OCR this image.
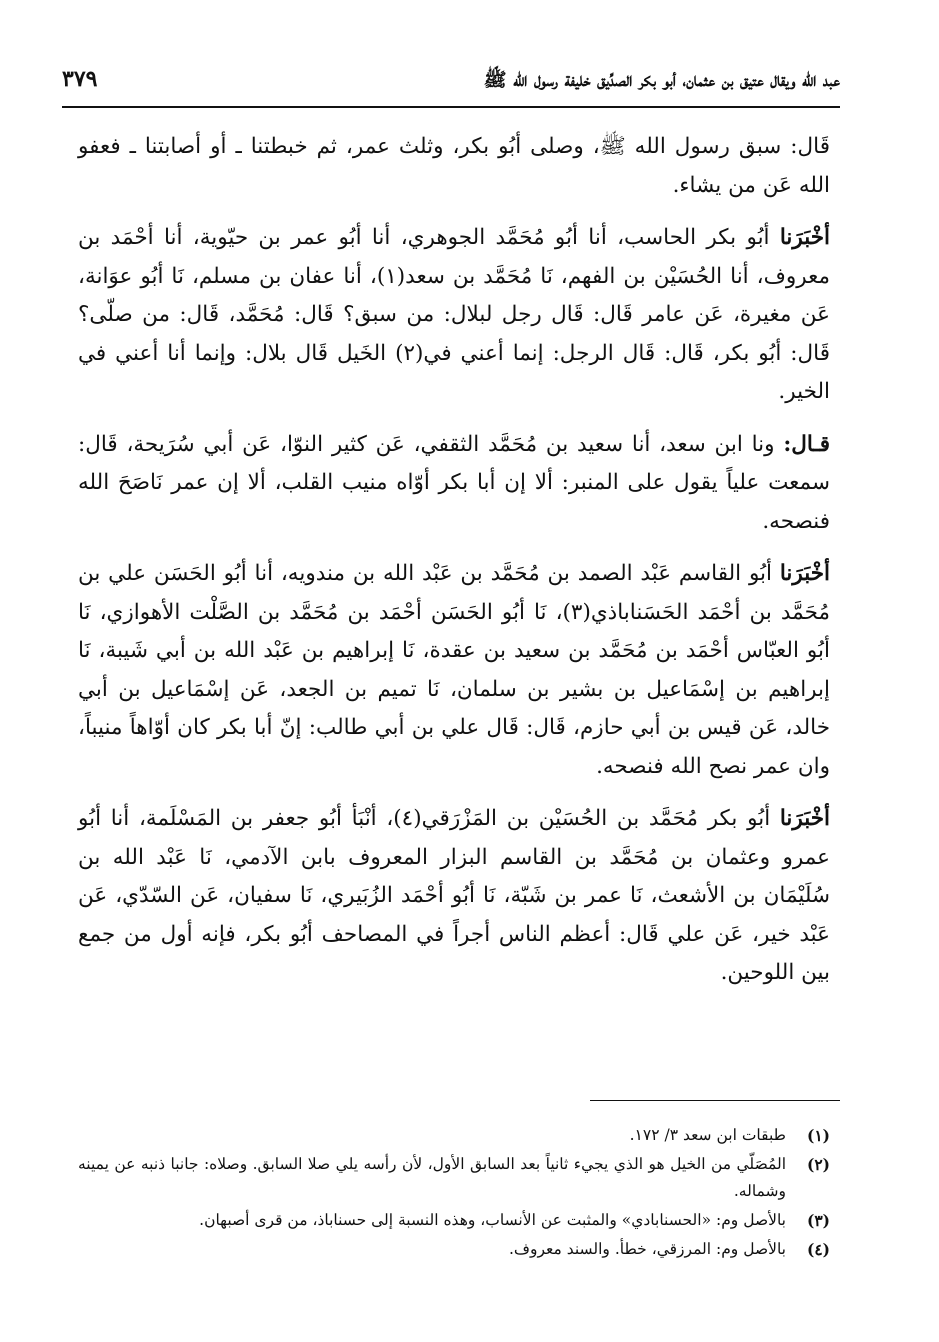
عبد الله ويقال عتيق بن عثمان، أبو بكر الصدِّيق خليفة رسول الله ﷺ
٣٧٩

قَال: سبق رسول الله ﷺ، وصلى أبُو بكر، وثلث عمر، ثم خبطتنا ـ أو أصابتنا ـ فعفو الله عَن من يشاء.

أخْبَرَنا أبُو بكر الحاسب، أنا أبُو مُحَمَّد الجوهري، أنا أبُو عمر بن حيّوية، أنا أحْمَد بن معروف، أنا الحُسَيْن بن الفهم، نَا مُحَمَّد بن سعد(١)، أنا عفان بن مسلم، نَا أبُو عوَانة، عَن مغيرة، عَن عامر قَال: قَال رجل لبلال: من سبق؟ قَال: مُحَمَّد، قَال: من صلّى؟ قَال: أبُو بكر، قَال: قَال الرجل: إنما أعني في(٢) الخَيل قَال بلال: وإنما أنا أعني في الخير.

قـال: ونا ابن سعد، أنا سعيد بن مُحَمَّد الثقفي، عَن كثير النوّا، عَن أبي سُرَيحة، قَال: سمعت علياً يقول على المنبر: ألا إن أبا بكر أوّاه منيب القلب، ألا إن عمر نَاصَحَ الله فنصحه.

أخْبَرَنا أبُو القاسم عَبْد الصمد بن مُحَمَّد بن عَبْد الله بن مندويه، أنا أبُو الحَسَن علي بن مُحَمَّد بن أحْمَد الحَسَناباذي(٣)، نَا أبُو الحَسَن أحْمَد بن مُحَمَّد بن الصَّلْت الأهوازي، نَا أبُو العبّاس أحْمَد بن مُحَمَّد بن سعيد بن عقدة، نَا إبراهيم بن عَبْد الله بن أبي شَيبة، نَا إبراهيم بن إسْمَاعيل بن بشير بن سلمان، نَا تميم بن الجعد، عَن إسْمَاعيل بن أبي خالد، عَن قيس بن أبي حازم، قَال: قَال علي بن أبي طالب: إنّ أبا بكر كان أوّاهاً منيباً، وان عمر نصح الله فنصحه.

أخْبَرَنا أبُو بكر مُحَمَّد بن الحُسَيْن بن المَزْرَقي(٤)، أنْبَأ أبُو جعفر بن المَسْلَمة، أنا أبُو عمرو وعثمان بن مُحَمَّد بن القاسم البزار المعروف بابن الآدمي، نَا عَبْد الله بن سُلَيْمَان بن الأشعث، نَا عمر بن شَبّة، نَا أبُو أحْمَد الزُبَيري، نَا سفيان، عَن السّدّي، عَن عَبْد خير، عَن علي قَال: أعظم الناس أجراً في المصاحف أبُو بكر، فإنه أول من جمع بين اللوحين.

(١)
طبقات ابن سعد ٣/ ١٧٢.
(٢)
المُصَلّي من الخيل هو الذي يجيء ثانياً بعد السابق الأول، لأن رأسه يلي صلا السابق. وصلاه: جانبا ذنبه عن يمينه وشماله.
(٣)
بالأصل وم: «الحسنابادي» والمثبت عن الأنساب، وهذه النسبة إلى حسناباذ، من قرى أصبهان.
(٤)
بالأصل وم: المرزقي، خطأ. والسند معروف.
